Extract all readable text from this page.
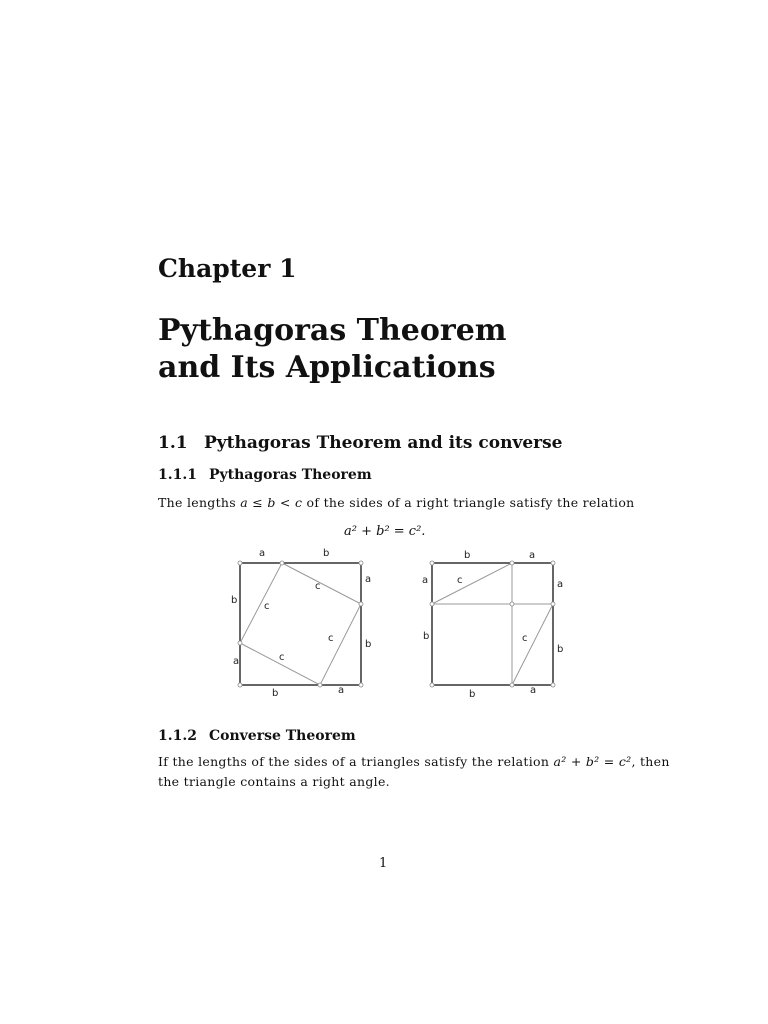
Chapter 1
Pythagoras Theorem
and Its Applications
1.1 Pythagoras Theorem and its converse
1.1.1 Pythagoras Theorem
The lengths a ≤ b < c of the sides of a right triangle satisfy the relation
a² + b² = c².
a	b
a
b
b	a
b
a
c
c
c
c
b	a
a
b
a
b
b	a
c
c
1.1.2 Converse Theorem
If the lengths of the sides of a triangles satisfy the relation a² + b² = c², then
the triangle contains a right angle.
1
